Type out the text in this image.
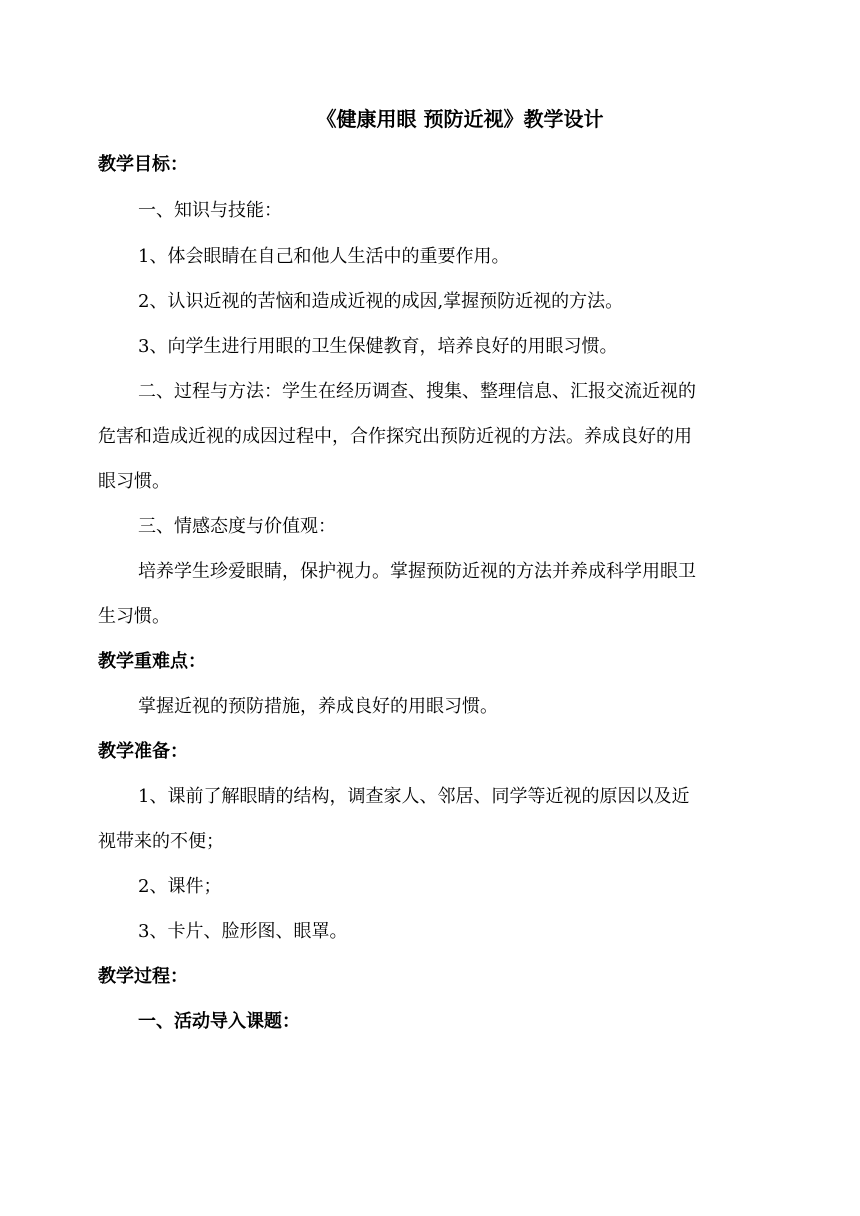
《健康用眼 预防近视》教学设计
教学目标：
一、知识与技能：
1、体会眼睛在自己和他人生活中的重要作用。
2、认识近视的苦恼和造成近视的成因,掌握预防近视的方法。
3、向学生进行用眼的卫生保健教育，培养良好的用眼习惯。
二、过程与方法：学生在经历调查、搜集、整理信息、汇报交流近视的
危害和造成近视的成因过程中，合作探究出预防近视的方法。养成良好的用
眼习惯。
三、情感态度与价值观：
培养学生珍爱眼睛，保护视力。掌握预防近视的方法并养成科学用眼卫
生习惯。
教学重难点：
掌握近视的预防措施，养成良好的用眼习惯。
教学准备：
1、课前了解眼睛的结构，调查家人、邻居、同学等近视的原因以及近
视带来的不便；
2、课件；
3、卡片、脸形图、眼罩。
教学过程：
一、活动导入课题：
